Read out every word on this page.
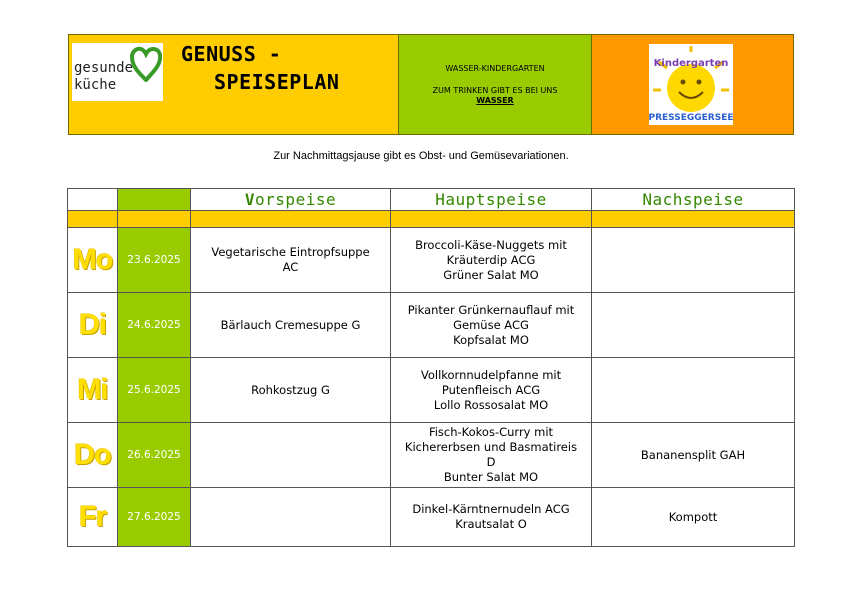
gesunde
küche
GENUSS -
SPEISEPLAN
WASSER-KINDERGARTEN
ZUM TRINKEN GIBT ES BEI UNS
WASSER
Kindergarten
PRESSEGGERSEE
Zur Nachmittagsjause gibt es Obst- und Gemüsevariationen.
		Vorspeise	Hauptspeise	Nachspeise

Mo	23.6.2025	Vegetarische Eintropfsuppe
AC	Broccoli-Käse-Nuggets mit
Kräuterdip ACG
Grüner Salat MO	

Di	24.6.2025	Bärlauch Cremesuppe G	Pikanter Grünkernauflauf mit
Gemüse ACG
Kopfsalat MO	

Mi	25.6.2025	Rohkostzug G	Vollkornnudelpfanne mit
Putenfleisch ACG
Lollo Rossosalat MO	

Do	26.6.2025		Fisch-Kokos-Curry mit
Kichererbsen und Basmatireis
D
Bunter Salat MO	Bananensplit GAH

Fr	27.6.2025		Dinkel-Kärntnernudeln ACG
Krautsalat O	Kompott
